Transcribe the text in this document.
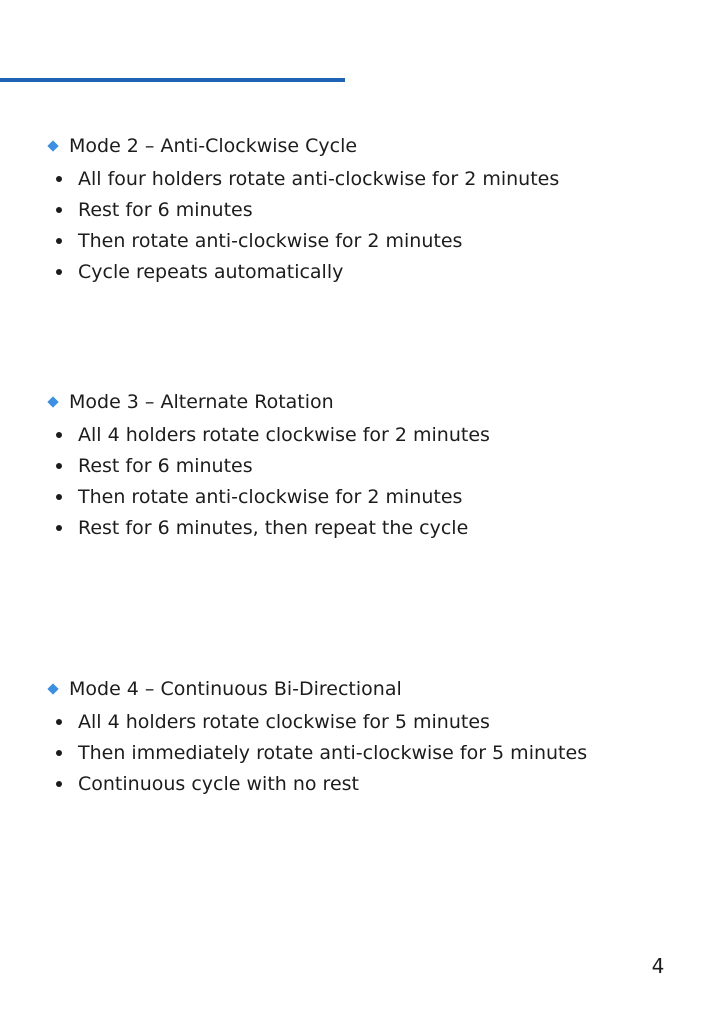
Mode 2 – Anti-Clockwise Cycle
All four holders rotate anti-clockwise for 2 minutes
Rest for 6 minutes
Then rotate anti-clockwise for 2 minutes
Cycle repeats automatically
Mode 3 – Alternate Rotation
All 4 holders rotate clockwise for 2 minutes
Rest for 6 minutes
Then rotate anti-clockwise for 2 minutes
Rest for 6 minutes, then repeat the cycle
Mode 4 – Continuous Bi-Directional
All 4 holders rotate clockwise for 5 minutes
Then immediately rotate anti-clockwise for 5 minutes
Continuous cycle with no rest
4
